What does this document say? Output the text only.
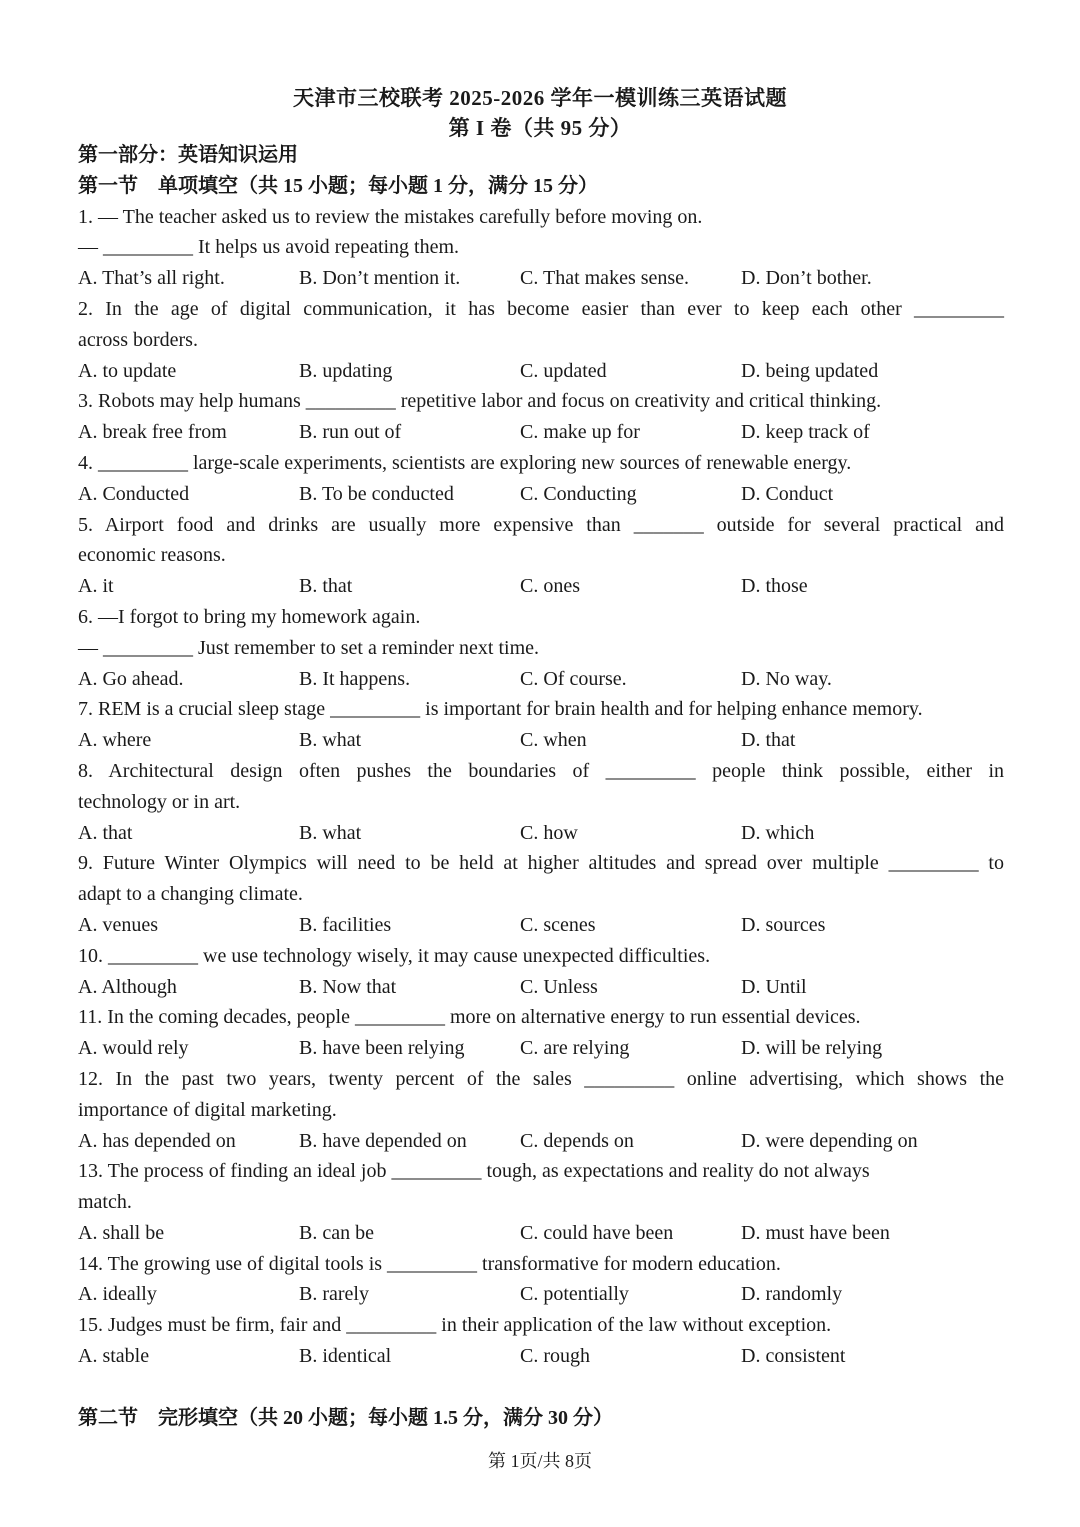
天津市三校联考 2025-2026 学年一模训练三英语试题
第 I 卷（共 95 分）
第一部分：英语知识运用
第一节　单项填空（共 15 小题；每小题 1 分，满分 15 分）
1. — The teacher asked us to review the mistakes carefully before moving on.
— _________ It helps us avoid repeating them.
A. That’s all right.	B. Don’t mention it.	C. That makes sense.	D. Don’t bother.
2. In the age of digital communication, it has become easier than ever to keep each other _________
across borders.
A. to update	B. updating	C. updated	D. being updated
3. Robots may help humans _________ repetitive labor and focus on creativity and critical thinking.
A. break free from	B. run out of	C. make up for	D. keep track of
4. _________ large-scale experiments, scientists are exploring new sources of renewable energy.
A. Conducted	B. To be conducted	C. Conducting	D. Conduct
5. Airport food and drinks are usually more expensive than _______ outside for several practical and
economic reasons.
A. it	B. that	C. ones	D. those
6. —I forgot to bring my homework again.
— _________ Just remember to set a reminder next time.
A. Go ahead.	B. It happens.	C. Of course.	D. No way.
7. REM is a crucial sleep stage _________ is important for brain health and for helping enhance memory.
A. where	B. what	C. when	D. that
8. Architectural design often pushes the boundaries of _________ people think possible, either in
technology or in art.
A. that	B. what	C. how	D. which
9. Future Winter Olympics will need to be held at higher altitudes and spread over multiple _________ to
adapt to a changing climate.
A. venues	B. facilities	C. scenes	D. sources
10. _________ we use technology wisely, it may cause unexpected difficulties.
A. Although	B. Now that	C. Unless	D. Until
11. In the coming decades, people _________ more on alternative energy to run essential devices.
A. would rely	B. have been relying	C. are relying	D. will be relying
12. In the past two years, twenty percent of the sales _________ online advertising, which shows the
importance of digital marketing.
A. has depended on	B. have depended on	C. depends on	D. were depending on
13. The process of finding an ideal job _________ tough, as expectations and reality do not always
match.
A. shall be	B. can be	C. could have been	D. must have been
14. The growing use of digital tools is _________ transformative for modern education.
A. ideally	B. rarely	C. potentially	D. randomly
15. Judges must be firm, fair and _________ in their application of the law without exception.
A. stable	B. identical	C. rough	D. consistent
第二节　完形填空（共 20 小题；每小题 1.5 分，满分 30 分）
第 1页/共 8页
